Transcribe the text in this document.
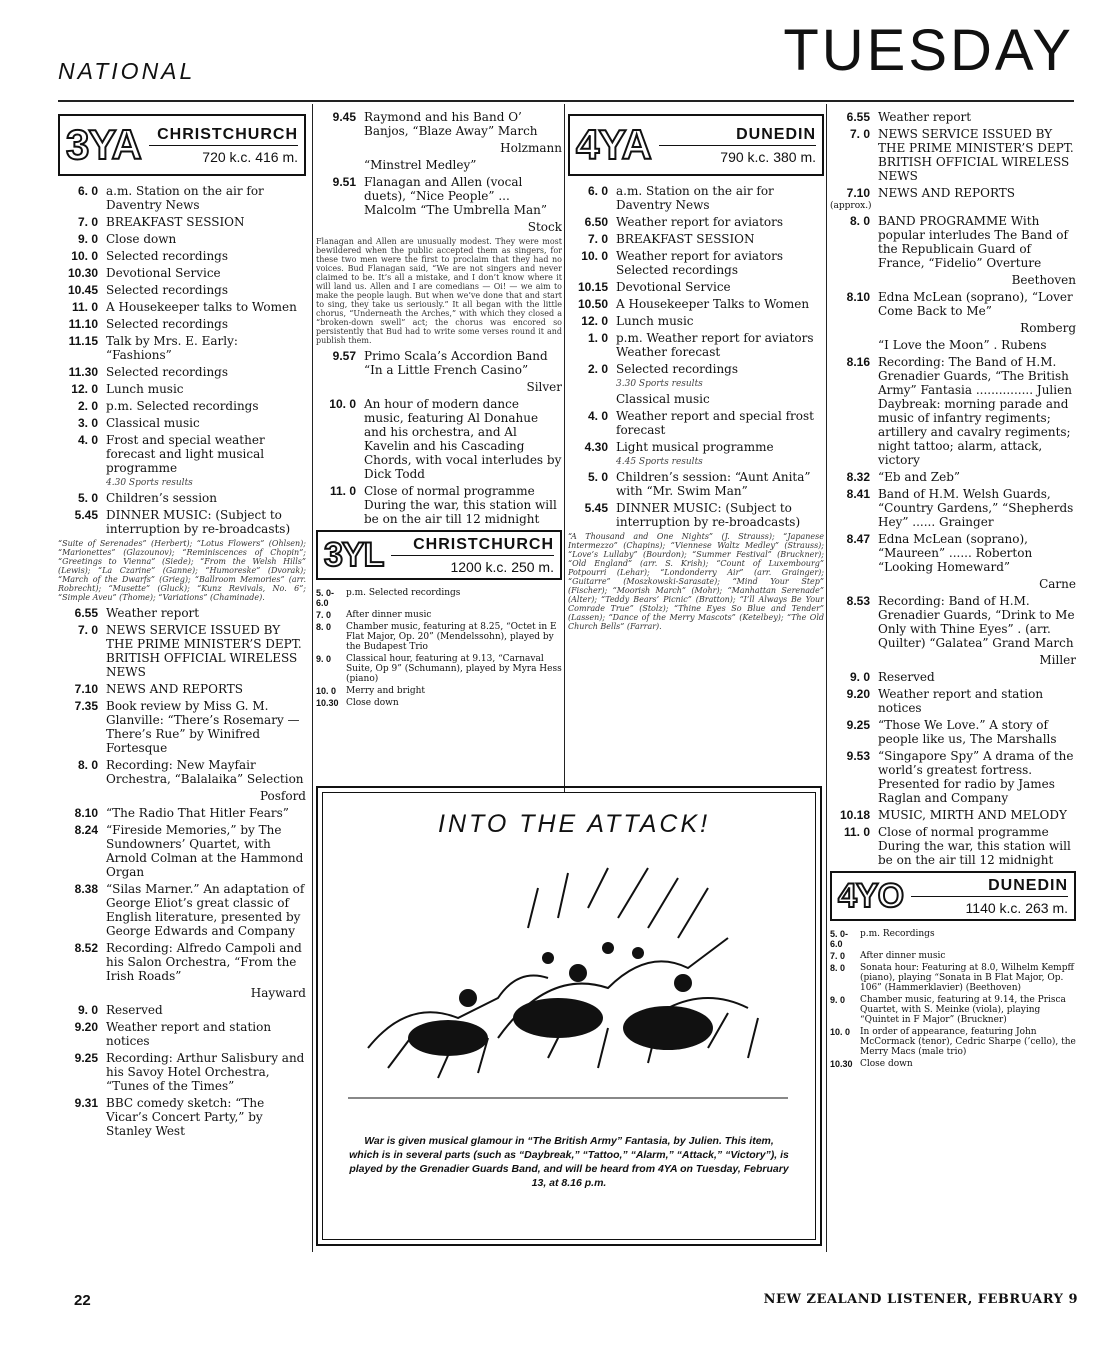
NATIONAL	TUESDAY
3YA	CHRISTCHURCH
720 k.c. 416 m.
6. 0 a.m. Station on the air for Daventry News
7. 0 BREAKFAST SESSION
9. 0 Close down
10. 0 Selected recordings
10.30 Devotional Service
10.45 Selected recordings
11. 0 A Housekeeper talks to Women
11.10 Selected recordings
11.15 Talk by Mrs. E. Early: “Fashions”
11.30 Selected recordings
12. 0 Lunch music
2. 0 p.m. Selected recordings
3. 0 Classical music
4. 0 Frost and special weather forecast and light musical programme
4.30 Sports results
5. 0 Children’s session
5.45 DINNER MUSIC: (Subject to interruption by re-broadcasts)
“Suite of Serenades” (Herbert); “Lotus Flowers” (Ohlsen); “Marionettes” (Glazounov); “Reminiscences of Chopin”; “Greetings to Vienna” (Siede); “From the Welsh Hills” (Lewis); “La Czarine” (Ganne); “Humoreske” (Dvorak); “March of the Dwarfs” (Grieg); “Ballroom Memories” (arr. Robrecht); “Musette” (Gluck); “Kunz Revivals, No. 6”; “Simple Aveu” (Thome); “Variations” (Chaminade).
6.55 Weather report
7. 0 NEWS SERVICE ISSUED BY THE PRIME MINISTER’S DEPT. BRITISH OFFICIAL WIRELESS NEWS
7.10 NEWS AND REPORTS
7.35 Book review by Miss G. M. Glanville: “There’s Rosemary — There’s Rue” by Winifred Fortesque
8. 0 Recording: New Mayfair Orchestra, “Balalaika” Selection
Posford
8.10 “The Radio That Hitler Fears”
8.24 “Fireside Memories,” by The Sundowners’ Quartet, with Arnold Colman at the Hammond Organ
8.38 “Silas Marner.” An adaptation of George Eliot’s great classic of English literature, presented by George Edwards and Company
8.52 Recording: Alfredo Campoli and his Salon Orchestra, “From the Irish Roads”
Hayward
9. 0 Reserved
9.20 Weather report and station notices
9.25 Recording: Arthur Salisbury and his Savoy Hotel Orchestra, “Tunes of the Times”
9.31 BBC comedy sketch: “The Vicar’s Concert Party,” by Stanley West
9.45 Raymond and his Band O’ Banjos, “Blaze Away” March
Holzmann
“Minstrel Medley”
9.51 Flanagan and Allen (vocal duets), “Nice People” ... Malcolm “The Umbrella Man”
Stock
Flanagan and Allen are unusually modest. They were most bewildered when the public accepted them as singers, for these two men were the first to proclaim that they had no voices. Bud Flanagan said, “We are not singers and never claimed to be. It’s all a mistake, and I don’t know where it will land us. Allen and I are comedians — Oi! — we aim to make the people laugh. But when we’ve done that and start to sing, they take us seriously.” It all began with the little chorus, “Underneath the Arches,” with which they closed a “broken-down swell” act; the chorus was encored so persistently that Bud had to write some verses round it and publish them.
9.57 Primo Scala’s Accordion Band “In a Little French Casino”
Silver
10. 0 An hour of modern dance music, featuring Al Donahue and his orchestra, and Al Kavelin and his Cascading Chords, with vocal interludes by Dick Todd
11. 0 Close of normal programme During the war, this station will be on the air till 12 midnight
3YL	CHRISTCHURCH
1200 k.c. 250 m.
5. 0-6.0
p.m. Selected recordings
7. 0	After dinner music
8. 0	Chamber music, featuring at 8.25, “Octet in E Flat Major, Op. 20” (Mendelssohn), played by the Budapest Trio
9. 0	Classical hour, featuring at 9.13, “Carnaval Suite, Op 9” (Schumann), played by Myra Hess (piano)
10. 0	Merry and bright
10.30 Close down
4YA	DUNEDIN
790 k.c. 380 m.
6. 0 a.m. Station on the air for Daventry News
6.50 Weather report for aviators
7. 0 BREAKFAST SESSION
10. 0 Weather report for aviators Selected recordings
10.15 Devotional Service
10.50 A Housekeeper Talks to Women
12. 0 Lunch music
1. 0 p.m. Weather report for aviators Weather forecast
2. 0 Selected recordings
3.30 Sports results
Classical music
4. 0 Weather report and special frost forecast
4.30 Light musical programme
4.45 Sports results
5. 0 Children’s session: “Aunt Anita” with “Mr. Swim Man”
5.45 DINNER MUSIC: (Subject to interruption by re-broadcasts)
“A Thousand and One Nights” (J. Strauss); “Japanese Intermezzo” (Chapins); “Viennese Waltz Medley” (Strauss); “Love’s Lullaby” (Bourdon); “Summer Festival” (Bruckner); “Old England” (arr. S. Krish); “Count of Luxembourg” Potpourri (Lehar); “Londonderry Air” (arr. Grainger); “Guitarre” (Moszkowski-Sarasate); “Mind Your Step” (Fischer); “Moorish March” (Mohr); “Manhattan Serenade” (Alter); “Teddy Bears’ Picnic” (Bratton); “I’ll Always Be Your Comrade True” (Stolz); “Thine Eyes So Blue and Tender” (Lassen); “Dance of the Merry Mascots” (Ketelbey); “The Old Church Bells” (Farrar).
6.55 Weather report
7. 0 NEWS SERVICE ISSUED BY THE PRIME MINISTER’S DEPT. BRITISH OFFICIAL WIRELESS NEWS
7.10 NEWS AND REPORTS
(approx.)
8. 0 BAND PROGRAMME With popular interludes The Band of the Republicain Guard of France, “Fidelio” Overture
Beethoven
8.10 Edna McLean (soprano), “Lover Come Back to Me”
Romberg
“I Love the Moon” . Rubens
8.16 Recording: The Band of H.M. Grenadier Guards, “The British Army” Fantasia ............... Julien Daybreak: morning parade and music of infantry regiments; artillery and cavalry regiments; night tattoo; alarm, attack, victory
8.32 “Eb and Zeb”
8.41 Band of H.M. Welsh Guards, “Country Gardens,” “Shepherds Hey” ...... Grainger
8.47 Edna McLean (soprano), “Maureen” ...... Roberton “Looking Homeward”
Carne
8.53 Recording: Band of H.M. Grenadier Guards, “Drink to Me Only with Thine Eyes” . (arr. Quilter) “Galatea” Grand March
Miller
9. 0 Reserved
9.20 Weather report and station notices
9.25 “Those We Love.” A story of people like us, The Marshalls
9.53 “Singapore Spy” A drama of the world’s greatest fortress. Presented for radio by James Raglan and Company
10.18 MUSIC, MIRTH AND MELODY
11. 0 Close of normal programme During the war, this station will be on the air till 12 midnight
4YO	DUNEDIN
1140 k.c. 263 m.
5. 0-6.0
p.m. Recordings
7. 0	After dinner music
8. 0	Sonata hour: Featuring at 8.0, Wilhelm Kempff (piano), playing “Sonata in B Flat Major, Op. 106” (Hammerklavier) (Beethoven)
9. 0	Chamber music, featuring at 9.14, the Prisca Quartet, with S. Meinke (viola), playing “Quintet in F Major” (Bruckner)
10. 0	In order of appearance, featuring John McCormack (tenor), Cedric Sharpe (’cello), the Merry Macs (male trio)
10.30 Close down
INTO THE ATTACK!
War is given musical glamour in “The British Army” Fantasia, by Julien. This item, which is in several parts (such as “Daybreak,” “Tattoo,” “Alarm,” “Attack,” “Victory”), is played by the Grenadier Guards Band, and will be heard from 4YA on Tuesday, February 13, at 8.16 p.m.
22	NEW ZEALAND LISTENER, FEBRUARY 9
